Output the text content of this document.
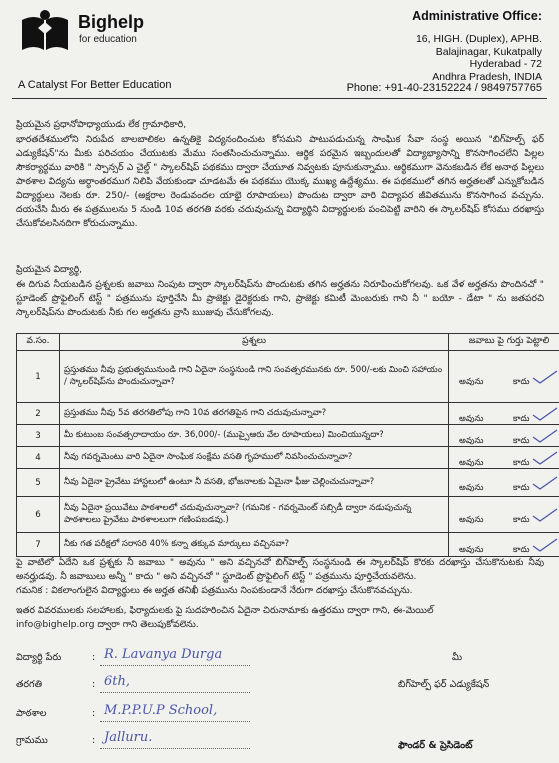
Bighelp
for education
A Catalyst For Better Education
Administrative Office:
16, HIGH. (Duplex), APHB.
Balajinagar, Kukatpally
Hyderabad - 72
Andhra Pradesh, INDIA
Phone: +91-40-23152224 / 9849757765
ప్రియమైన ప్రధానోపాధ్యాయుడు లేక గ్రామాధికారి,
భారతదేశములోని నిరుపేద బాలబాలికల ఉన్నతికై విద్యనందించుట కోసమని పాటుపడుచున్న సాంఘిక సేవా సంస్థ అయిన "బిగ్‌హెల్ప్ ఫర్ ఎడ్యుకేషన్"ను మీకు పరిచయం చేయుటకు మేము సంతసించుచున్నాము. ఆర్థిక పరమైన ఇబ్బందులతో విద్యాభ్యాసాన్ని కొనసాగించలేని పిల్లల సౌకర్యార్థము వారికి " స్పాన్సర్ ఎ చైల్డ్ " స్కాలర్‌షిప్ పథకము ద్వారా చేయూత నివ్వటకు పూనుకున్నాము. ఆర్థికముగా వెనుకబడిన లేక అనాథ పిల్లలు పాఠశాల విద్యను అర్ధాంతరముగ నిలిపి వేయకుండా చూడటమే ఈ పథకము యొక్క ముఖ్య ఉద్దేశ్యము. ఈ పథకములో తగిన అర్హతలతో ఎన్నుకోబడిన విద్యార్థులు నెలకు రూ. 250/- (అక్షరాల రెండువందల యాభై రూపాయలు) పొందుట ద్వారా వారి విద్యాపర జీవితమును కొనసాగించ వచ్చును. దయచేసి మీరు ఈ పత్రములను 5 నుండి 10వ తరగతి వరకు చదువుచున్న విద్యార్థిని విద్యార్థులకు పంచిపెట్టి వారిని ఈ స్కాలర్‌షిప్ కోసము దరఖాస్తు చేసుకోవలసినదిగా కోరుచున్నాము.
ప్రియమైన విద్యార్థి,
ఈ దిగువ నీయబడిన ప్రశ్నలకు జవాబు నింపుట ద్వారా స్కాలర్‌షిప్‌ను పొందుటకు తగిన అర్హతను నిరూపించుకోగలవు. ఒక వేళ అర్హతను పొందినచో " స్టూడెంట్ ప్రొఫైలింగ్ టెస్ట్ " పత్రమును పూర్తిచేసి మీ ప్రాజెక్టు డైరెక్టరుకు గాని, ప్రాజెక్టు కమిటీ మెంబరుకు గాని నీ " బయో - డేటా " ను జతపరచి స్కాలర్‌షిప్‌ను పొందుటకు నీకు గల అర్హతను వ్రాసి ఋజువు చేసుకోగలవు.
వ.సం.	ప్రశ్నలు	జవాబు పై గుర్తు పెట్టాలి
1	ప్రస్తుతము నీవు ప్రభుత్వమునుండి గాని ఏదైనా సంస్థనుండి గాని సంవత్సరమునకు రూ. 500/-లకు మించి సహాయం / స్కాలర్‌షిప్‌ను పొందుచున్నావా?	అవును కాదు

2	ప్రస్తుతము నీవు 5వ తరగతిలోపు గాని 10వ తరగతిపైన గాని చదువుచున్నావా?	అవును కాదు

3	మీ కుటుంబ సంవత్సరాదాయం రూ. 36,000/- (ముప్పైఆరు వేల రూపాయలు) మించియున్నదా?	అవును కాదు

4	నీవు గవర్నమెంటు వారి ఏదైనా సాంఘిక సంక్షేమ వసతి గృహములో నివసించుచున్నావా?	అవును కాదు

5	నీవు ఏదైనా ప్రైవేటు హాస్టలులో ఉంటూ నీ వసతి, భోజనాలకు ఏమైనా ఫీజు చెల్లించుచున్నావా?	అవును కాదు

6	నీవు ఏదైనా ప్రయివేటు పాఠశాలలో చదువుచున్నావా? (గమనిక - గవర్నమెంట్ సబ్సిడీ ద్వారా నడుపుచున్న పాఠశాలలు ప్రైవేటు పాఠశాలలుగా గణింపబడవు.)	అవును కాదు

7	నీకు గత పరీక్షలో సరాసరి 40% కన్నా తక్కువ మార్కులు వచ్చినవా?	అవును కాదు
పై వాటిలో ఏదేని ఒక ప్రశ్నకు నీ జవాబు " అవును " అని వచ్చినచో బిగ్‌హెల్ప్ సంస్థనుండి ఈ స్కాలర్‌షిప్ కొరకు దరఖాస్తు చేసుకొనుటకు నీవు అనర్హుడవు. నీ జవాబులు అన్నీ " కాదు " అని వచ్చినచో " స్టూడెంట్ ప్రొఫైలింగ్ టెస్ట్ " పత్రమును పూర్తిచేయవలెను.
గమనిక : వికలాంగులైన విద్యార్థులు ఈ అర్హత తనిఖీ పత్రమును నింపకుండానే నేరుగా దరఖాస్తు చేసుకొనవచ్చును.
ఇతర వివరములకు సలహాలకు, ఫిర్యాదులకు పై సుదహరించిన ఏదైనా చిరునామాకు ఉత్తరము ద్వారా గాని, ఈ-మెయిల్
info@bighelp.org ద్వారా గాని తెలుపుకోవలెను.
విద్యార్థి పేరు	: R. Lavanya Durga
తరగతి	: 6th,
పాఠశాల	: M.P.P.U.P School,
గ్రామము	: Jalluru.
మీ
బిగ్‌హెల్ప్ ఫర్ ఎడ్యుకేషన్
ఫౌండర్ & ప్రెసిడెంట్
